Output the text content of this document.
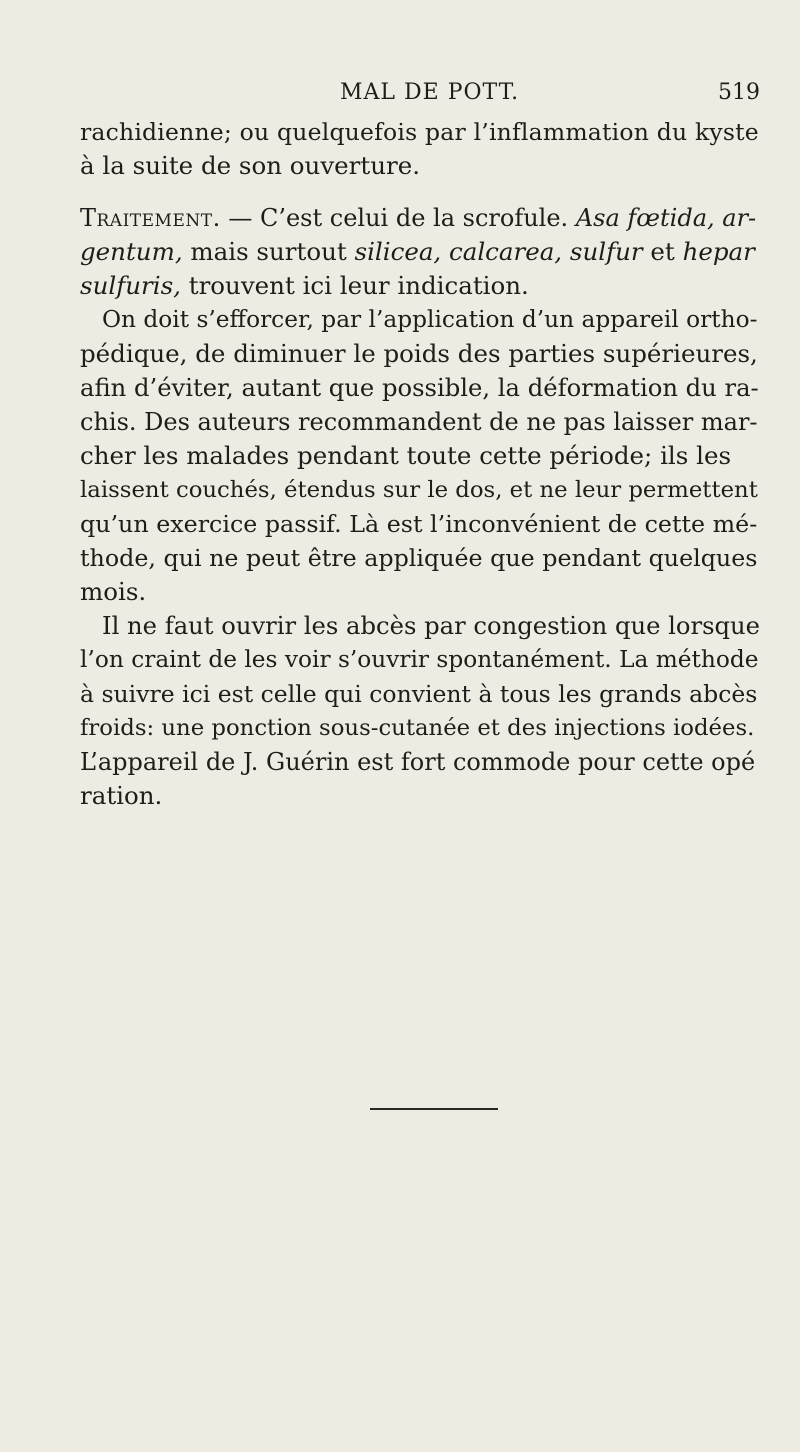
MAL DE POTT.	519
rachidienne; ou quelquefois par l’inflammation du kyste
à la suite de son ouverture.
Traitement. — C’est celui de la scrofule. Asa fœtida, ar-
gentum, mais surtout silicea, calcarea, sulfur et hepar
sulfuris, trouvent ici leur indication.
On doit s’efforcer, par l’application d’un appareil ortho-
pédique, de diminuer le poids des parties supérieures,
afin d’éviter, autant que possible, la déformation du ra-
chis. Des auteurs recommandent de ne pas laisser mar-
cher les malades pendant toute cette période; ils les
laissent couchés, étendus sur le dos, et ne leur permettent
qu’un exercice passif. Là est l’inconvénient de cette mé-
thode, qui ne peut être appliquée que pendant quelques
mois.
Il ne faut ouvrir les abcès par congestion que lorsque
l’on craint de les voir s’ouvrir spontanément. La méthode
à suivre ici est celle qui convient à tous les grands abcès
froids: une ponction sous-cutanée et des injections iodées.
L’appareil de J. Guérin est fort commode pour cette opé
ration.
